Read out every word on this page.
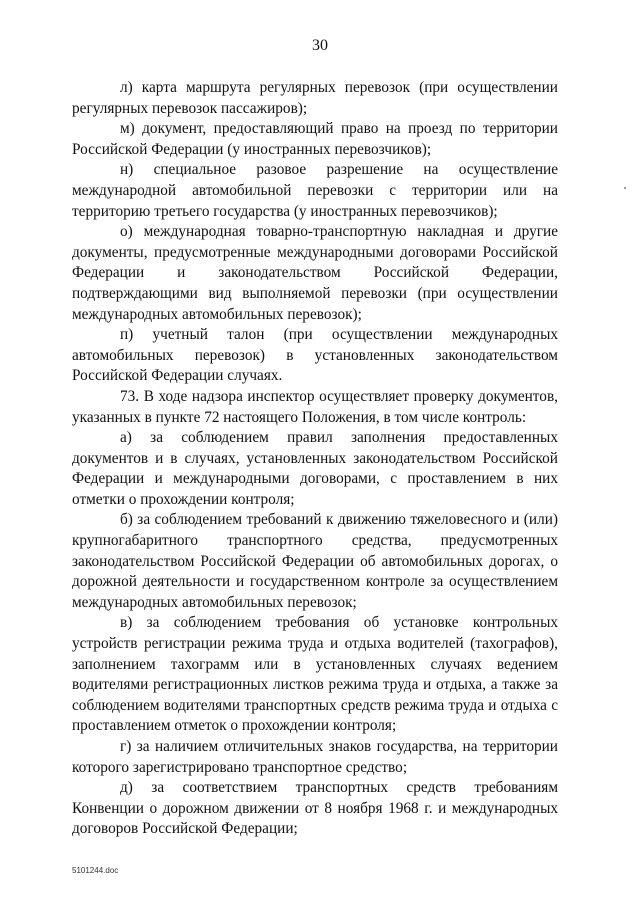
30

л) карта маршрута регулярных перевозок (при осуществлении регулярных перевозок пассажиров);

м) документ, предоставляющий право на проезд по территории Российской Федерации (у иностранных перевозчиков);

н) специальное разовое разрешение на осуществление международной автомобильной перевозки с территории или на территорию третьего государства (у иностранных перевозчиков);

о) международная товарно-транспортную накладная и другие документы, предусмотренные международными договорами Российской Федерации и законодательством Российской Федерации, подтверждающими вид выполняемой перевозки (при осуществлении международных автомобильных перевозок);

п) учетный талон (при осуществлении международных автомобильных перевозок) в установленных законодательством Российской Федерации случаях.

73. В ходе надзора инспектор осуществляет проверку документов, указанных в пункте 72 настоящего Положения, в том числе контроль:

а) за соблюдением правил заполнения предоставленных документов и в случаях, установленных законодательством Российской Федерации и международными договорами, с проставлением в них отметки о прохождении контроля;

б) за соблюдением требований к движению тяжеловесного и (или) крупногабаритного транспортного средства, предусмотренных законодательством Российской Федерации об автомобильных дорогах, о дорожной деятельности и государственном контроле за осуществлением международных автомобильных перевозок;

в) за соблюдением требования об установке контрольных устройств регистрации режима труда и отдыха водителей (тахографов), заполнением тахограмм или в установленных случаях ведением водителями регистрационных листков режима труда и отдыха, а также за соблюдением водителями транспортных средств режима труда и отдыха с проставлением отметок о прохождении контроля;

г) за наличием отличительных знаков государства, на территории которого зарегистрировано транспортное средство;

д) за соответствием транспортных средств требованиям Конвенции о дорожном движении от 8 ноября 1968 г. и международных договоров Российской Федерации;

5101244.doc
